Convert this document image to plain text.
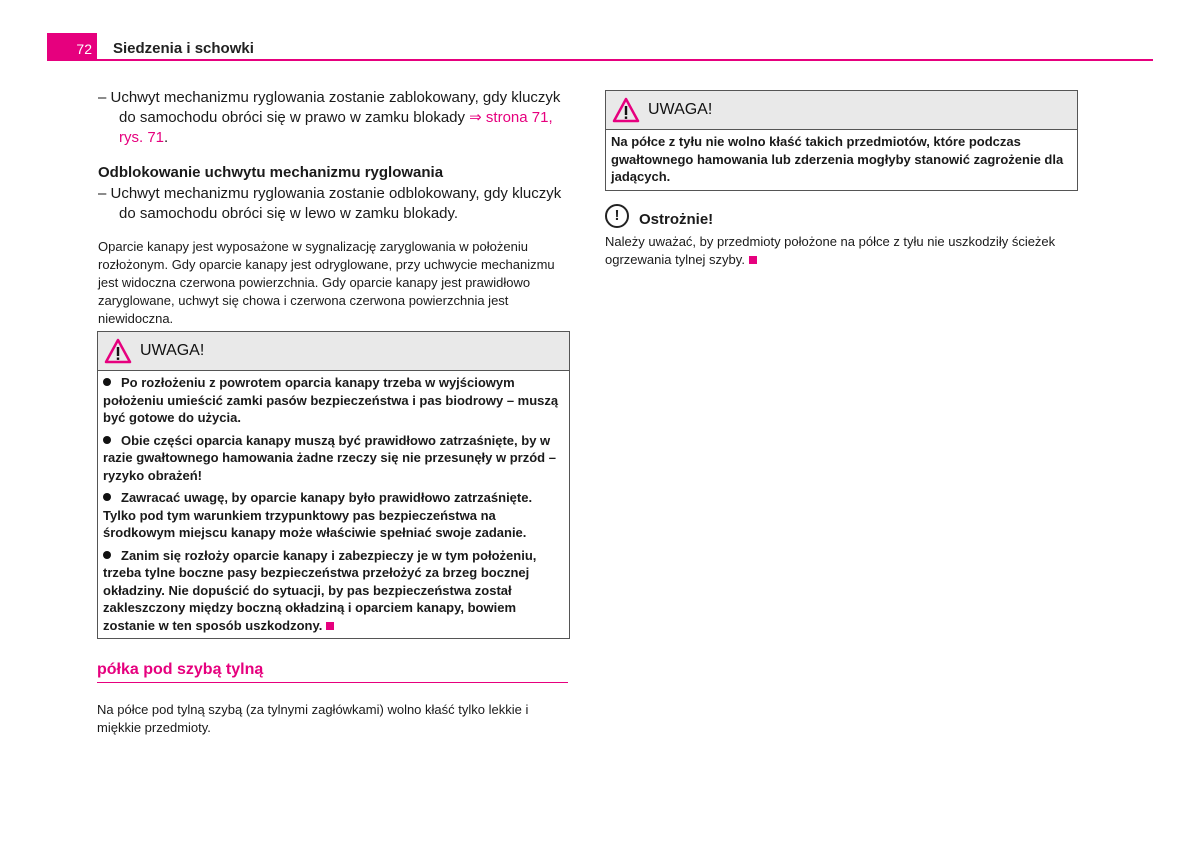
72	Siedzenia i schowki

– Uchwyt mechanizmu ryglowania zostanie zablokowany, gdy kluczyk do samochodu obróci się w prawo w zamku blokady ⇒ strona 71, rys. 71.

Odblokowanie uchwytu mechanizmu ryglowania

– Uchwyt mechanizmu ryglowania zostanie odblokowany, gdy kluczyk do samochodu obróci się w lewo w zamku blokady.

Oparcie kanapy jest wyposażone w sygnalizację zaryglowania w położeniu rozłożonym. Gdy oparcie kanapy jest odryglowane, przy uchwycie mechanizmu jest widoczna czerwona powierzchnia. Gdy oparcie kanapy jest prawidłowo zaryglowane, uchwyt się chowa i czerwona czerwona powierzchnia jest niewidoczna.

UWAGA!

Po rozłożeniu z powrotem oparcia kanapy trzeba w wyjściowym położeniu umieścić zamki pasów bezpieczeństwa i pas biodrowy – muszą być gotowe do użycia.

Obie części oparcia kanapy muszą być prawidłowo zatrzaśnięte, by w razie gwałtownego hamowania żadne rzeczy się nie przesunęły w przód – ryzyko obrażeń!

Zawracać uwagę, by oparcie kanapy było prawidłowo zatrzaśnięte. Tylko pod tym warunkiem trzypunktowy pas bezpieczeństwa na środkowym miejscu kanapy może właściwie spełniać swoje zadanie.

Zanim się rozłoży oparcie kanapy i zabezpieczy je w tym położeniu, trzeba tylne boczne pasy bezpieczeństwa przełożyć za brzeg bocznej okładziny. Nie dopuścić do sytuacji, by pas bezpieczeństwa został zakleszczony między boczną okładziną i oparciem kanapy, bowiem zostanie w ten sposób uszkodzony.

półka pod szybą tylną

Na półce pod tylną szybą (za tylnymi zagłówkami) wolno kłaść tylko lekkie i miękkie przedmioty.

UWAGA!

Na półce z tyłu nie wolno kłaść takich przedmiotów, które podczas gwałtownego hamowania lub zderzenia mogłyby stanowić zagrożenie dla jadących.

!	Ostrożnie!

Należy uważać, by przedmioty położone na półce z tyłu nie uszkodziły ścieżek ogrzewania tylnej szyby.
